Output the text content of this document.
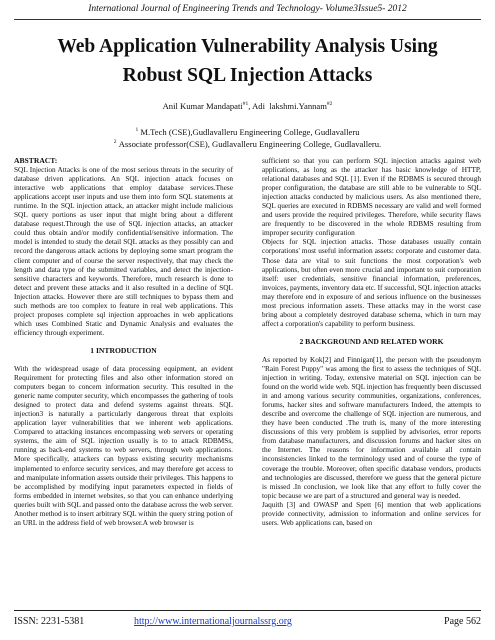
International Journal of Engineering Trends and Technology- Volume3Issue5- 2012
Web Application Vulnerability Analysis Using
Robust SQL Injection Attacks
Anil Kumar Mandapati$^{\#1}$, Adi lakshmi.Yannam$^{\#2}$
$^1$ M.Tech (CSE),Gudlavalleru Engineering College, Gudlavalleru
$^2$ Associate professor(CSE), Gudlavalleru Engineering College, Gudlavalleru.
ABSTRACT:

SQL Injection Attacks is one of the most serious threats in the security of database driven applications. An SQL injection attack focuses on interactive web applications that employ database services.These applications accept user inputs and use them into form SQL statements at runtime. In the SQL injection attack, an attacker might include malicious SQL query portions as user input that might bring about a different database request.Through the use of SQL injection attacks, an attacker could thus obtain and/or modify confidential/sensitive information. The model is intended to study the detail SQL attacks as they possibly can and record the dangerous attack actions by deploying some smart program the client computer and of course the server respectively, that may check the length and data type of the submitted variables, and detect the injection-sensitive characters and keywords. Therefore, much research is done to detect and prevent these attacks and it also resulted in a decline of SQL Injection attacks. However there are still techniques to bypass them and such methods are too complex to feature in real web applications. This project proposes complete sql injection approaches in web applications which uses Combined Static and Dynamic Analysis and evaluates the efficiency through experiment.

1 INTRODUCTION

With the widespread usage of data processing equipment, an evident Requirement for protecting files and also other information stored on computers began to concern information security. This resulted in the generic name computer security, which encompasses the gathering of tools designed to protect data and defend systems against threats. SQL injection3 is naturally a particularly dangerous threat that exploits application layer vulnerabilities that we inherent web applications. Compared to attacking instances encompassing web servers or operating systems, the aim of SQL injection usually is to to attack RDBMSs, running as back-end systems to web servers, through web applications. More specifically, attackers can bypass existing security mechanisms implemented to enforce security services, and may therefore get access to and manipulate information assets outside their privileges. This happens to be accomplished by modifying input parameters expected in fields of forms embedded in internet websites, so that you can enhance underlying queries built with SQL and passed onto the database across the web server. Another method is to insert arbitrary SQL within the query string potion of an URL in the address field of web browser.A web browser is

sufficient so that you can perform SQL injection attacks against web applications, as long as the attacker has basic knowledge of HTTP, relational databases and SQL [1]. Even if the RDBMS is secured through proper configuration, the database are still able to be vulnerable to SQL injection attacks conducted by malicious users. As also mentioned there, SQL queries are executed in RDBMS necessary are valid and well formed and users provide the required privileges. Therefore, while security flaws are frequently to be discovered in the whole RDBMS resulting from improper security configuration

Objects for SQL injection attacks. Those databases usually contain corporations' most useful information assets: corporate and customer data. Those data are vital to suit functions the most corporation's web applications, but often even more crucial and important to suit corporation itself: user credentials, sensitive financial information, preferences, invoices, payments, inventory data etc. If successful, SQL injection attacks may therefore end in exposure of and serious influence on the businesses most precious information assets. These attacks may in the worst case bring about a completely destroyed database schema, which in turn may affect a corporation's capability to perform business.

2 BACKGROUND AND RELATED WORK

As reported by Kok[2] and Finnigan[1], the person with the pseudonym "Rain Forest Puppy" was among the first to assess the techniques of SQL injection in writing. Today, extensive material on SQL injection can be found on the world wide web. SQL injection has frequently been discussed in and among various security communities, organizations, conferences, forums, hacker sites and software manufacturers Indeed, the attempts to describe and overcome the challenge of SQL injection are numerous, and they have been conducted .The truth is, many of the more interesting discussions of this very problem is supplied by advisories, error reports from database manufacturers, and discussion forums and hacker sites on the Internet. The reasons for information available all contain inconsistencies linked to the terminology used and of course the type of coverage the trouble. Moreover, often specific database vendors, products and technologies are discussed, therefore we guess that the general picture is missed .In conclusion, we look like that any effort to fully cover the topic because we are part of a structured and general way is needed.

Jaquith [3] and OWASP and Spett [6] mention that web applications provide connectivity, admission to information and online services for users. Web applications can, based on

ISSN: 2231-5381	http://www.internationaljournalssrg.org	Page 562
